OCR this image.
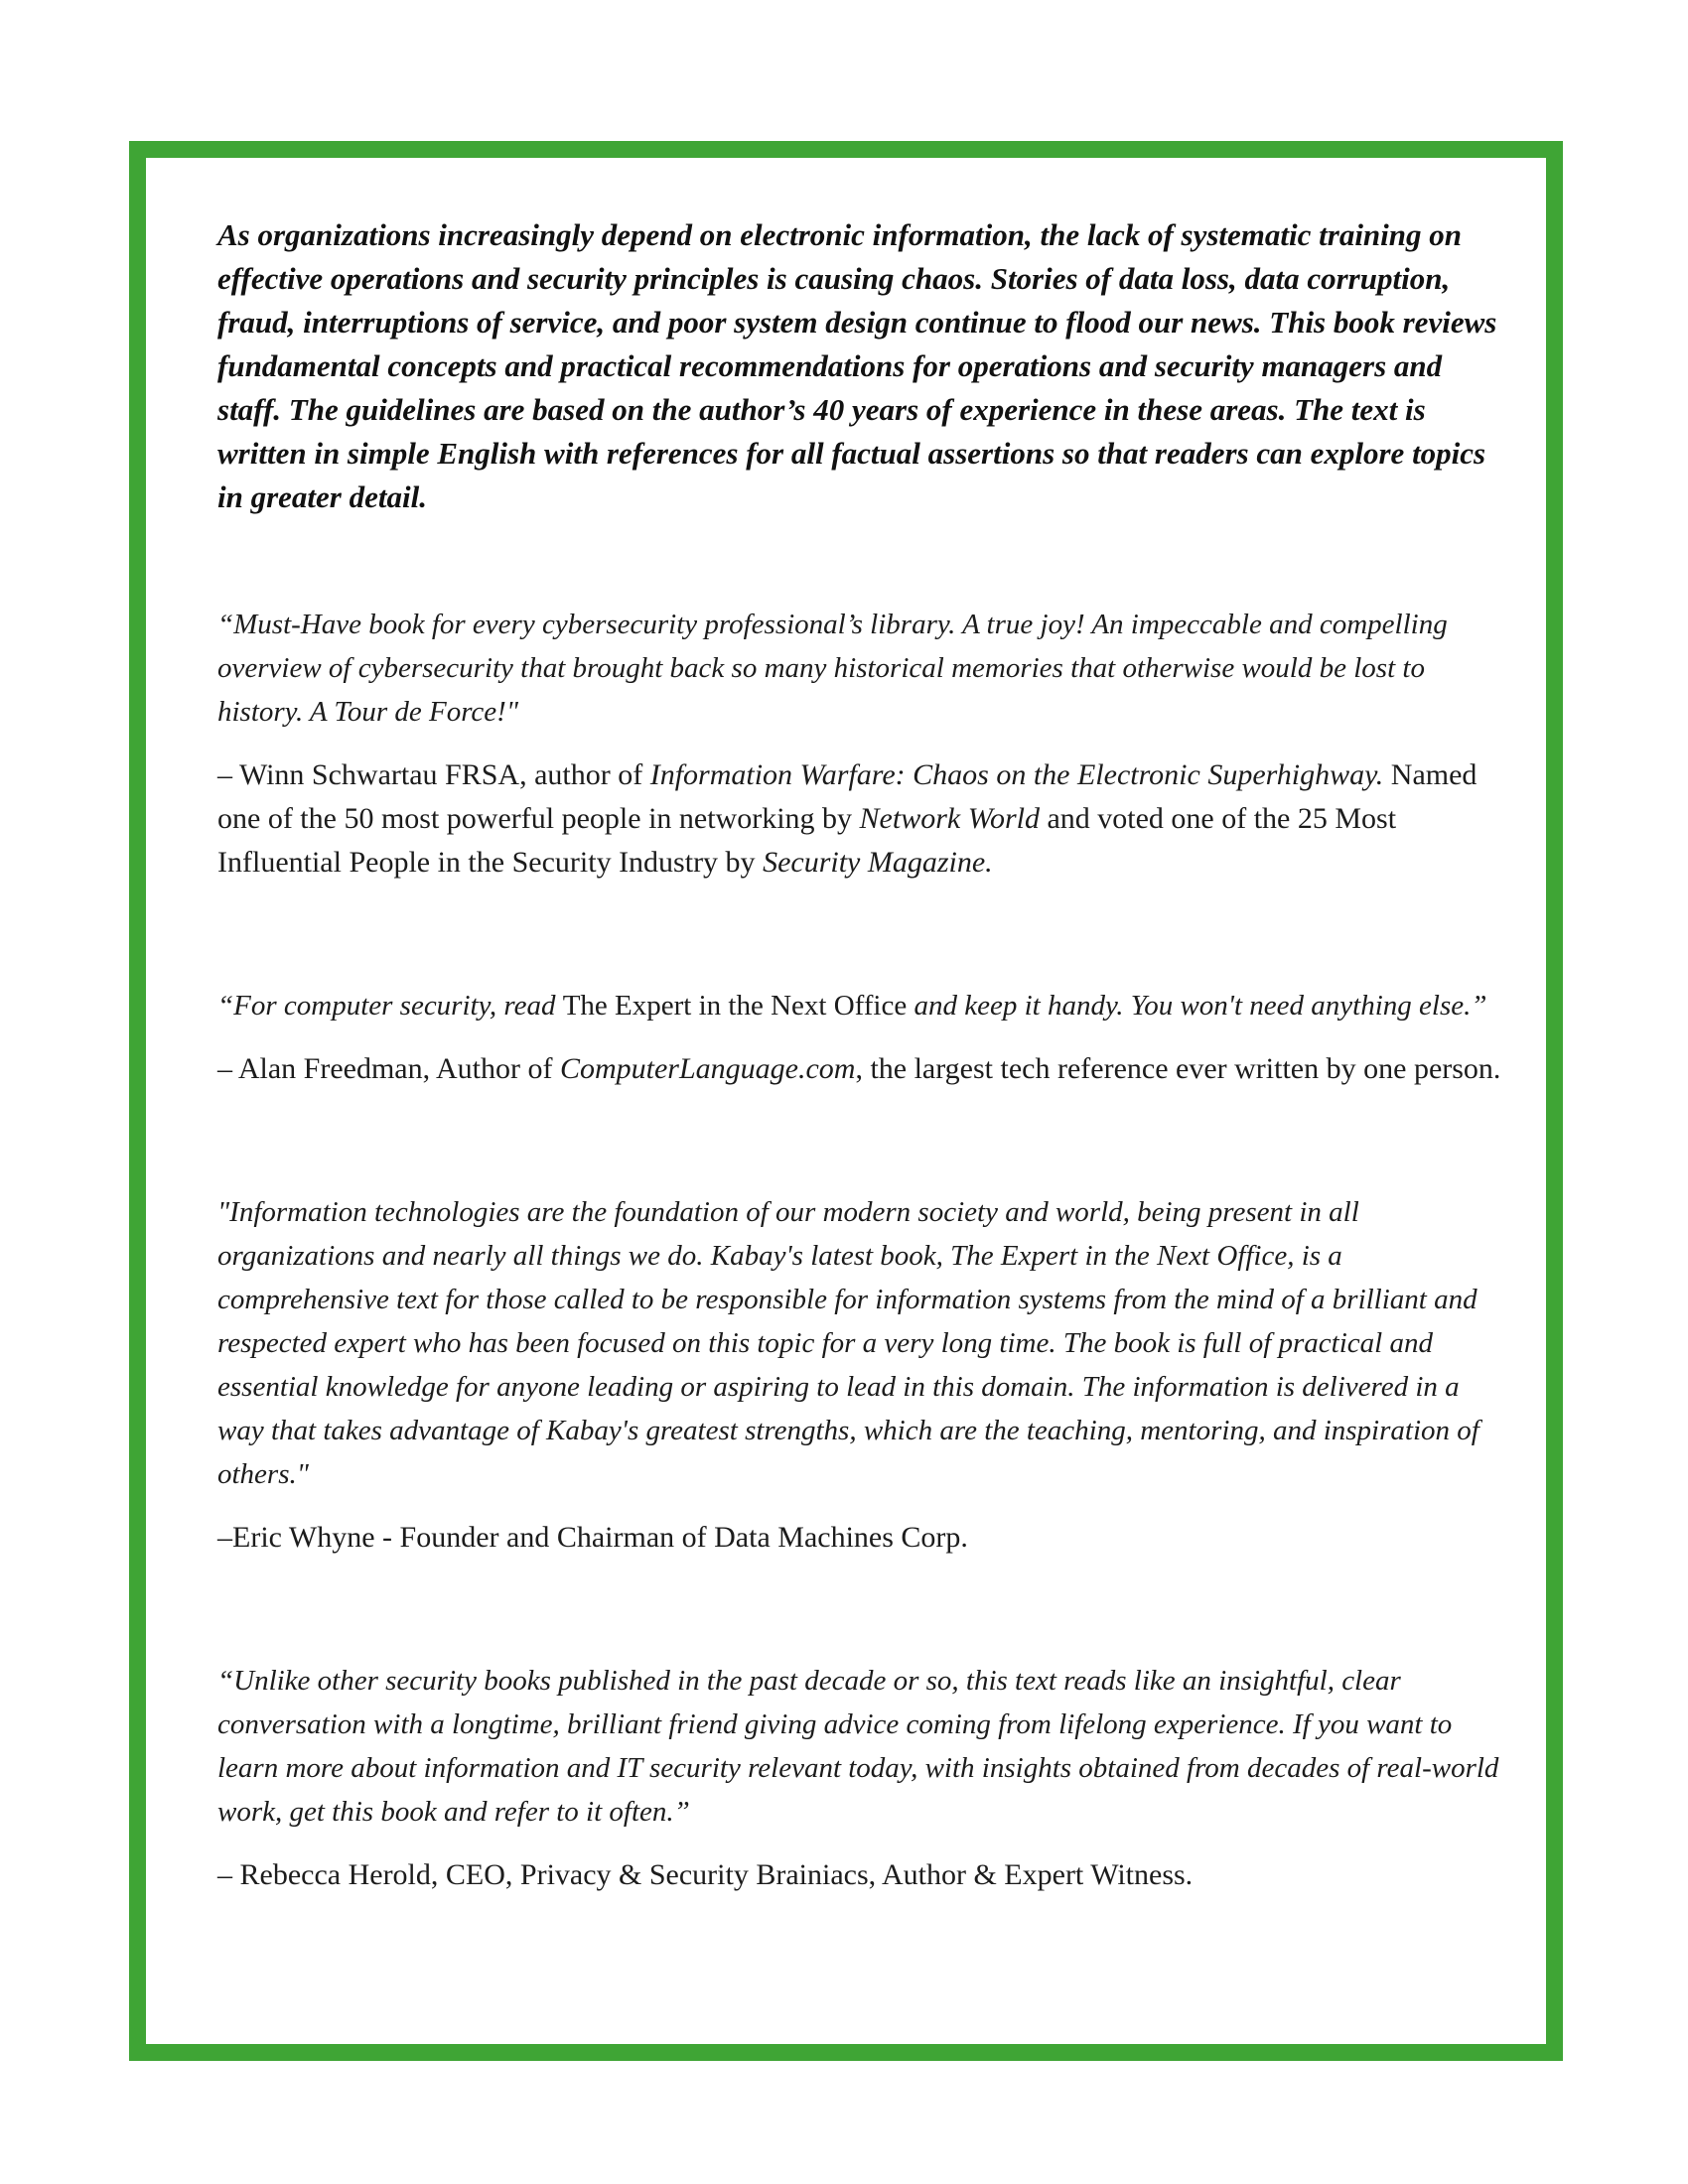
As organizations increasingly depend on electronic information, the lack of systematic training on effective operations and security principles is causing chaos. Stories of data loss, data corruption, fraud, interruptions of service, and poor system design continue to flood our news. This book reviews fundamental concepts and practical recommendations for operations and security managers and staff. The guidelines are based on the author’s 40 years of experience in these areas. The text is written in simple English with references for all factual assertions so that readers can explore topics in greater detail.

“Must-Have book for every cybersecurity professional’s library. A true joy! An impeccable and compelling overview of cybersecurity that brought back so many historical memories that otherwise would be lost to history. A Tour de Force!"

– Winn Schwartau FRSA, author of Information Warfare: Chaos on the Electronic Superhighway. Named one of the 50 most powerful people in networking by Network World and voted one of the 25 Most Influential People in the Security Industry by Security Magazine.

“For computer security, read The Expert in the Next Office and keep it handy. You won't need anything else.”

– Alan Freedman, Author of ComputerLanguage.com, the largest tech reference ever written by one person.

"Information technologies are the foundation of our modern society and world, being present in all organizations and nearly all things we do. Kabay's latest book, The Expert in the Next Office, is a comprehensive text for those called to be responsible for information systems from the mind of a brilliant and respected expert who has been focused on this topic for a very long time. The book is full of practical and essential knowledge for anyone leading or aspiring to lead in this domain. The information is delivered in a way that takes advantage of Kabay's greatest strengths, which are the teaching, mentoring, and inspiration of others."

–Eric Whyne - Founder and Chairman of Data Machines Corp.

“Unlike other security books published in the past decade or so, this text reads like an insightful, clear conversation with a longtime, brilliant friend giving advice coming from lifelong experience. If you want to learn more about information and IT security relevant today, with insights obtained from decades of real-world work, get this book and refer to it often.”

– Rebecca Herold, CEO, Privacy & Security Brainiacs, Author & Expert Witness.
